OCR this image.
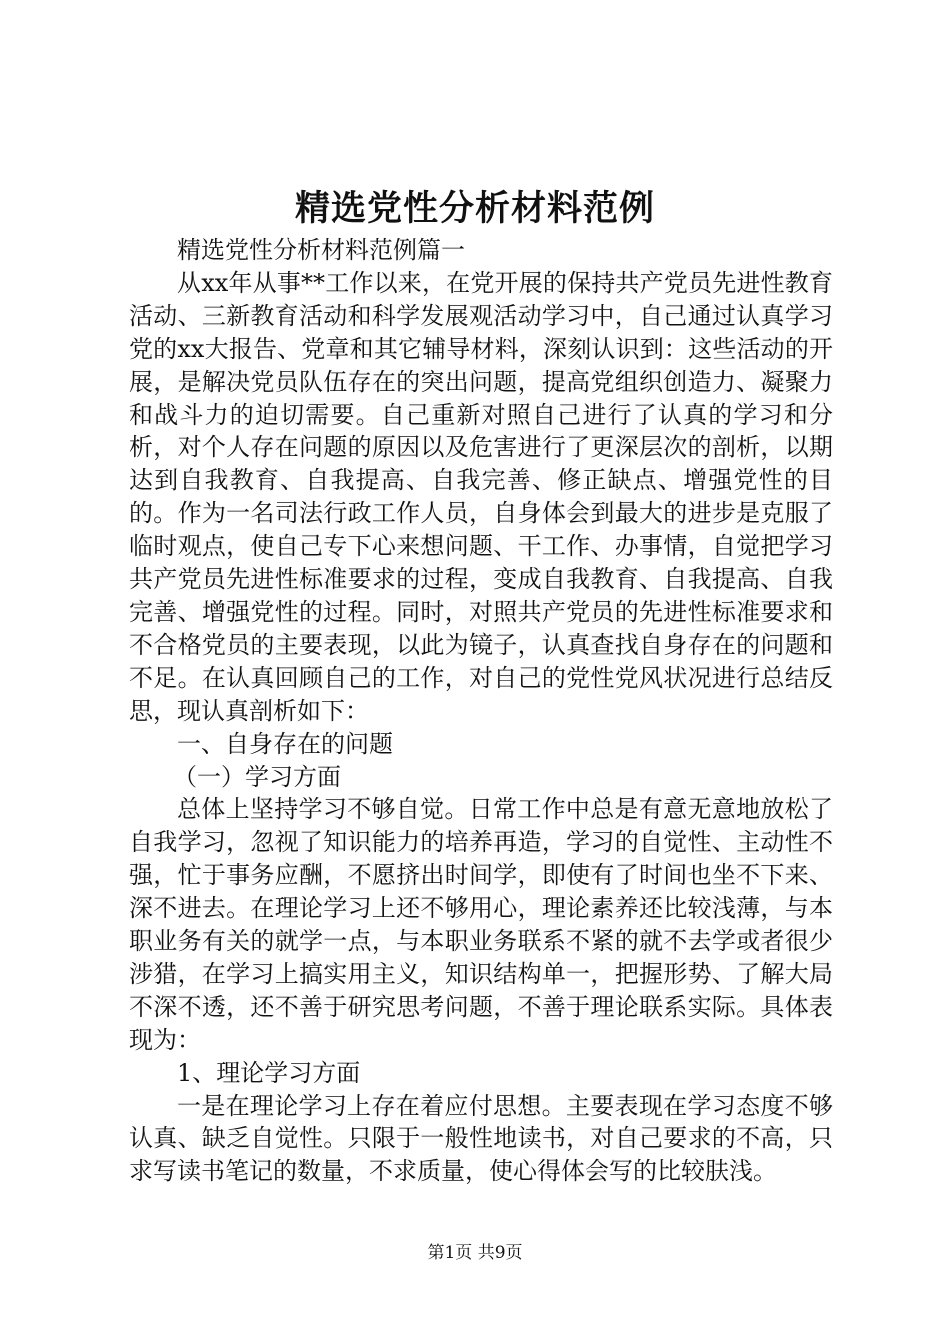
精选党性分析材料范例

精选党性分析材料范例篇一

从xx年从事**工作以来，在党开展的保持共产党员先进性教育活动、三新教育活动和科学发展观活动学习中，自己通过认真学习党的xx大报告、党章和其它辅导材料，深刻认识到：这些活动的开展，是解决党员队伍存在的突出问题，提高党组织创造力、凝聚力和战斗力的迫切需要。自己重新对照自己进行了认真的学习和分析，对个人存在问题的原因以及危害进行了更深层次的剖析，以期达到自我教育、自我提高、自我完善、修正缺点、增强党性的目的。作为一名司法行政工作人员，自身体会到最大的进步是克服了临时观点，使自己专下心来想问题、干工作、办事情，自觉把学习共产党员先进性标准要求的过程，变成自我教育、自我提高、自我完善、增强党性的过程。同时，对照共产党员的先进性标准要求和不合格党员的主要表现，以此为镜子，认真查找自身存在的问题和不足。在认真回顾自己的工作，对自己的党性党风状况进行总结反思，现认真剖析如下：

一、自身存在的问题

（一）学习方面

总体上坚持学习不够自觉。日常工作中总是有意无意地放松了自我学习，忽视了知识能力的培养再造，学习的自觉性、主动性不强，忙于事务应酬，不愿挤出时间学，即使有了时间也坐不下来、深不进去。在理论学习上还不够用心，理论素养还比较浅薄，与本职业务有关的就学一点，与本职业务联系不紧的就不去学或者很少涉猎，在学习上搞实用主义，知识结构单一，把握形势、了解大局不深不透，还不善于研究思考问题，不善于理论联系实际。具体表现为：

1、理论学习方面

一是在理论学习上存在着应付思想。主要表现在学习态度不够认真、缺乏自觉性。只限于一般性地读书，对自己要求的不高，只求写读书笔记的数量，不求质量，使心得体会写的比较肤浅。

第1页 共9页
